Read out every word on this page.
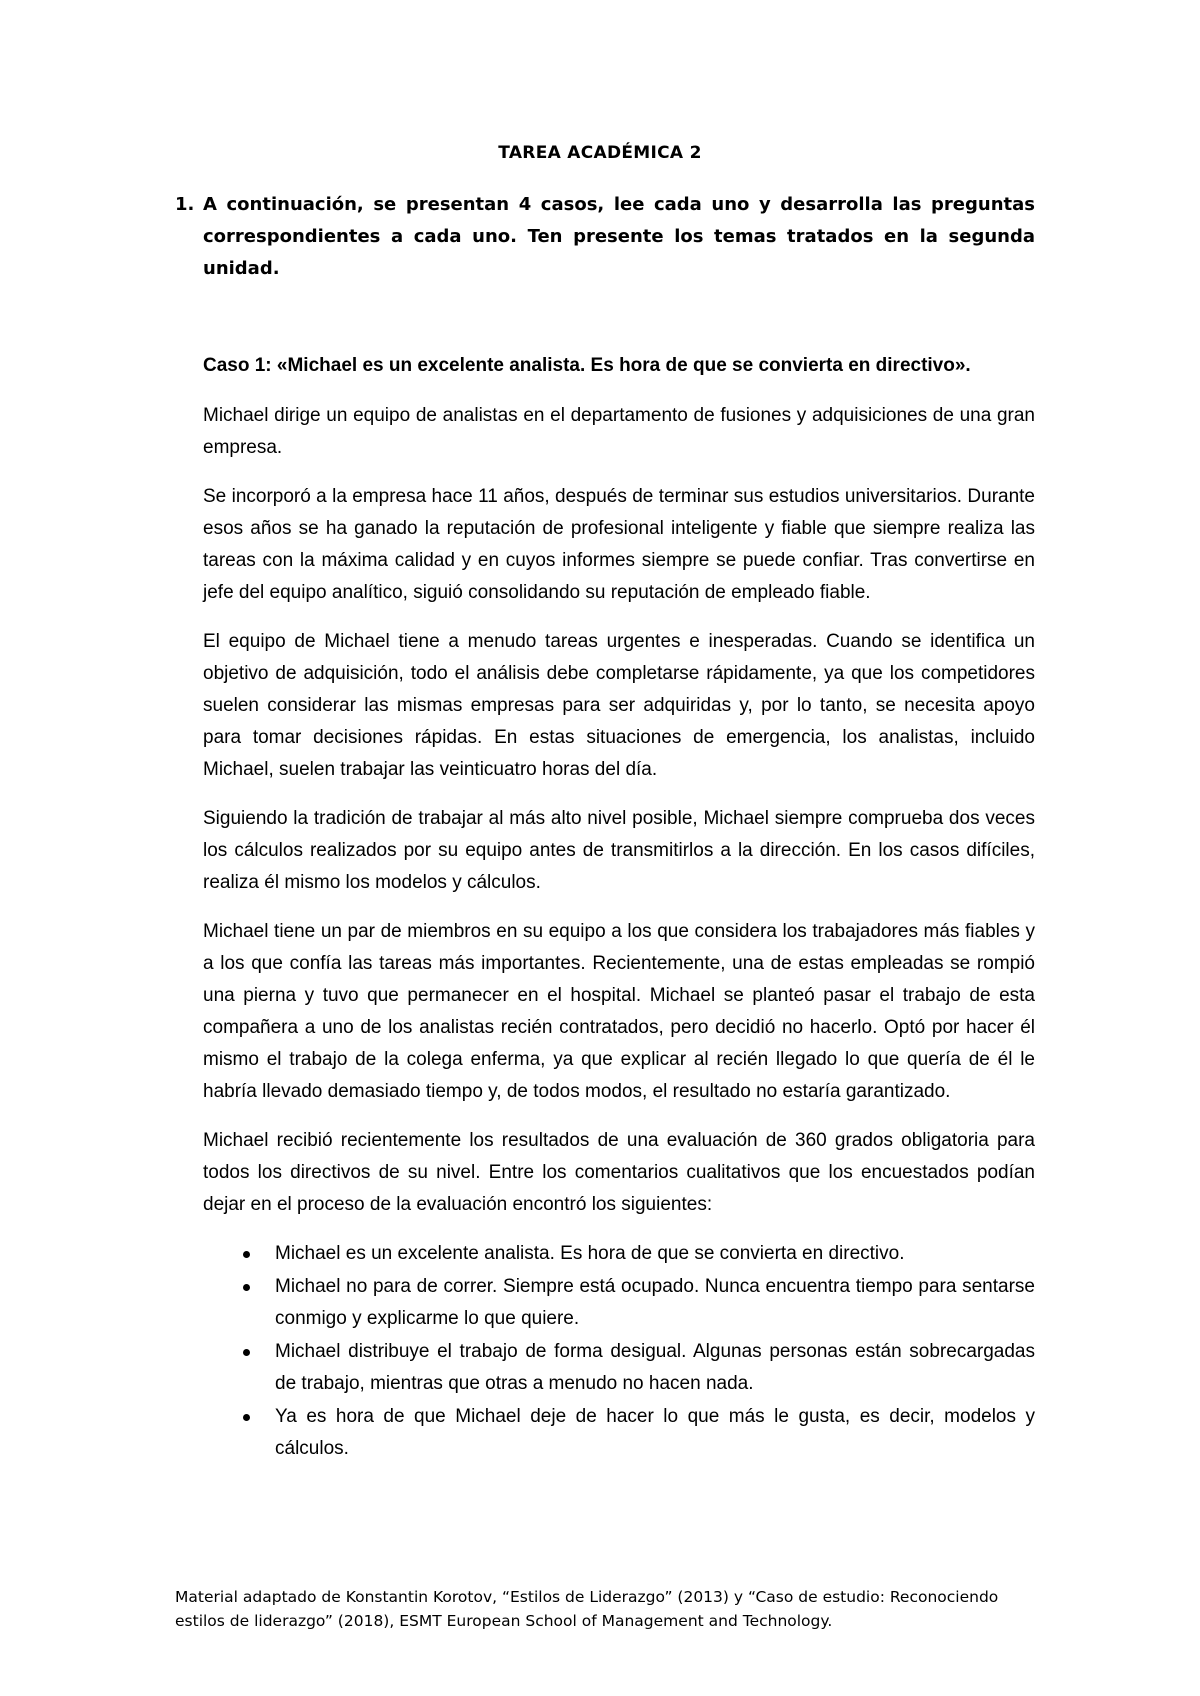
TAREA ACADÉMICA 2
1. A continuación, se presentan 4 casos, lee cada uno y desarrolla las preguntas correspondientes a cada uno. Ten presente los temas tratados en la segunda unidad.

Caso 1: «Michael es un excelente analista. Es hora de que se convierta en directivo».

Michael dirige un equipo de analistas en el departamento de fusiones y adquisiciones de una gran empresa.

Se incorporó a la empresa hace 11 años, después de terminar sus estudios universitarios. Durante esos años se ha ganado la reputación de profesional inteligente y fiable que siempre realiza las tareas con la máxima calidad y en cuyos informes siempre se puede confiar. Tras convertirse en jefe del equipo analítico, siguió consolidando su reputación de empleado fiable.

El equipo de Michael tiene a menudo tareas urgentes e inesperadas. Cuando se identifica un objetivo de adquisición, todo el análisis debe completarse rápidamente, ya que los competidores suelen considerar las mismas empresas para ser adquiridas y, por lo tanto, se necesita apoyo para tomar decisiones rápidas. En estas situaciones de emergencia, los analistas, incluido Michael, suelen trabajar las veinticuatro horas del día.

Siguiendo la tradición de trabajar al más alto nivel posible, Michael siempre comprueba dos veces los cálculos realizados por su equipo antes de transmitirlos a la dirección. En los casos difíciles, realiza él mismo los modelos y cálculos.

Michael tiene un par de miembros en su equipo a los que considera los trabajadores más fiables y a los que confía las tareas más importantes. Recientemente, una de estas empleadas se rompió una pierna y tuvo que permanecer en el hospital. Michael se planteó pasar el trabajo de esta compañera a uno de los analistas recién contratados, pero decidió no hacerlo. Optó por hacer él mismo el trabajo de la colega enferma, ya que explicar al recién llegado lo que quería de él le habría llevado demasiado tiempo y, de todos modos, el resultado no estaría garantizado.

Michael recibió recientemente los resultados de una evaluación de 360 grados obligatoria para todos los directivos de su nivel. Entre los comentarios cualitativos que los encuestados podían dejar en el proceso de la evaluación encontró los siguientes:

Michael es un excelente analista. Es hora de que se convierta en directivo.
Michael no para de correr. Siempre está ocupado. Nunca encuentra tiempo para sentarse conmigo y explicarme lo que quiere.
Michael distribuye el trabajo de forma desigual. Algunas personas están sobrecargadas de trabajo, mientras que otras a menudo no hacen nada.
Ya es hora de que Michael deje de hacer lo que más le gusta, es decir, modelos y cálculos.
Material adaptado de Konstantin Korotov, “Estilos de Liderazgo” (2013) y “Caso de estudio: Reconociendo estilos de liderazgo” (2018), ESMT European School of Management and Technology.
